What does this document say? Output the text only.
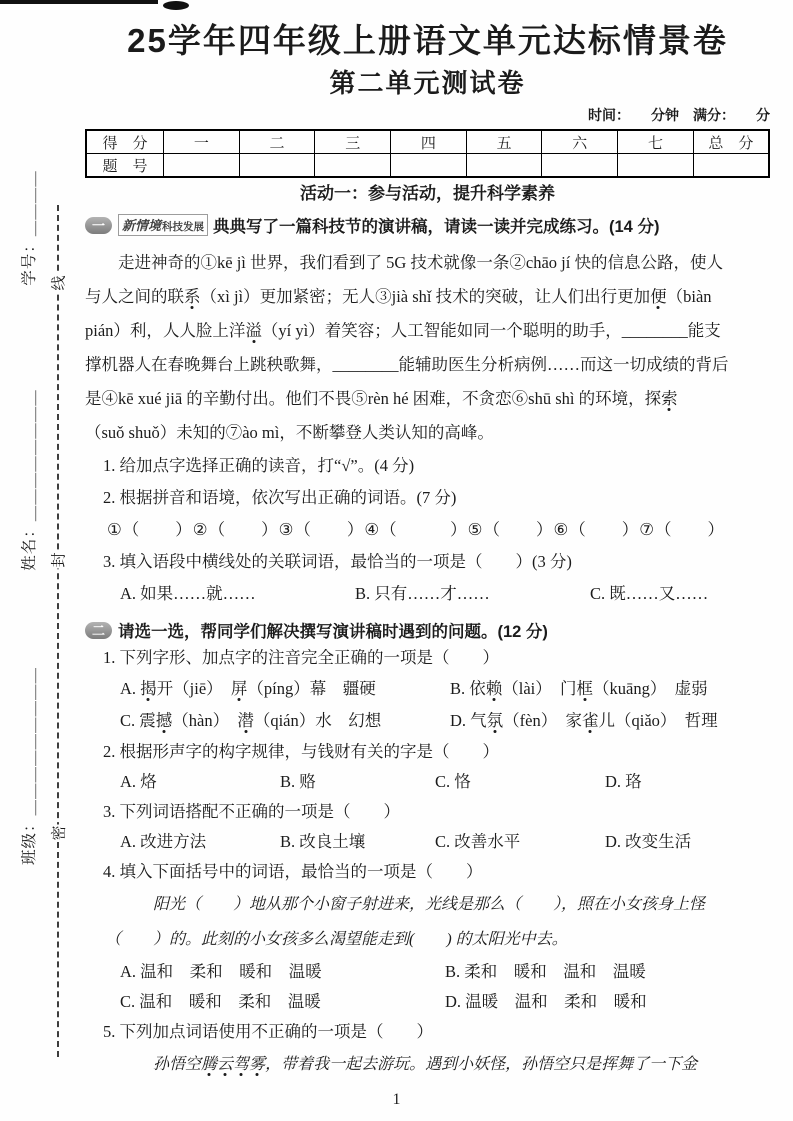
学号：＿＿＿＿
姓名：＿＿＿＿＿＿＿＿
班级：＿＿＿＿＿＿＿＿＿
线
封
密
25学年四年级上册语文单元达标情景卷
第二单元测试卷
时间：　　分钟　满分：　　分
得　分	一	二	三	四	五	六	七	总　分
题　号								
活动一：参与活动，提升科学素养
一	新情境 科技发展 典典写了一篇科技节的演讲稿，请读一读并完成练习。(14 分)
走进神奇的①kē jì 世界，我们看到了 5G 技术就像一条②chāo jí 快的信息公路，使人
与人之间的联系（xì jì）更加紧密；无人③jià shǐ 技术的突破，让人们出行更加便（biàn
pián）利，人人脸上洋溢（yí yì）着笑容；人工智能如同一个聪明的助手，________能支
撑机器人在春晚舞台上跳秧歌舞，________能辅助医生分析病例……而这一切成绩的背后
是④kē xué jiā 的辛勤付出。他们不畏⑤rèn hé 困难，不贪恋⑥shū shì 的环境，探索
（suǒ shuǒ）未知的⑦ào mì，不断攀登人类认知的高峰。
1. 给加点字选择正确的读音，打“√”。(4 分)
2. 根据拼音和语境，依次写出正确的词语。(7 分)
①（　　）②（　　）③（　　）④（　　　）⑤（　　）⑥（　　）⑦（　　）
3. 填入语段中横线处的关联词语，最恰当的一项是（　　）(3 分)
A. 如果……就……	B. 只有……才……	C. 既……又……
二 请选一选，帮同学们解决撰写演讲稿时遇到的问题。(12 分)
1. 下列字形、加点字的注音完全正确的一项是（　　）
A. 揭开（jiē）　屏（píng）幕　疆硬	B. 依赖（lài）　门框（kuāng）　虚弱
C. 震撼（hàn）　潜（qián）水　幻想	D. 气氛（fèn）　家雀儿（qiǎo）　哲理
2. 根据形声字的构字规律，与钱财有关的字是（　　）
A. 烙	B. 赂	C. 恪	D. 珞
3. 下列词语搭配不正确的一项是（　　）
A. 改进方法	B. 改良土壤	C. 改善水平	D. 改变生活
4. 填入下面括号中的词语，最恰当的一项是（　　）
阳光（　　）地从那个小窗子射进来，光线是那么（　　），照在小女孩身上怪
（　　）的。此刻的小女孩多么渴望能走到(　　) 的太阳光中去。
A. 温和　柔和　暖和　温暖	B. 柔和　暖和　温和　温暖
C. 温和　暖和　柔和　温暖	D. 温暖　温和　柔和　暖和
5. 下列加点词语使用不正确的一项是（　　）
孙悟空腾云驾雾，带着我一起去游玩。遇到小妖怪，孙悟空只是挥舞了一下金
1
